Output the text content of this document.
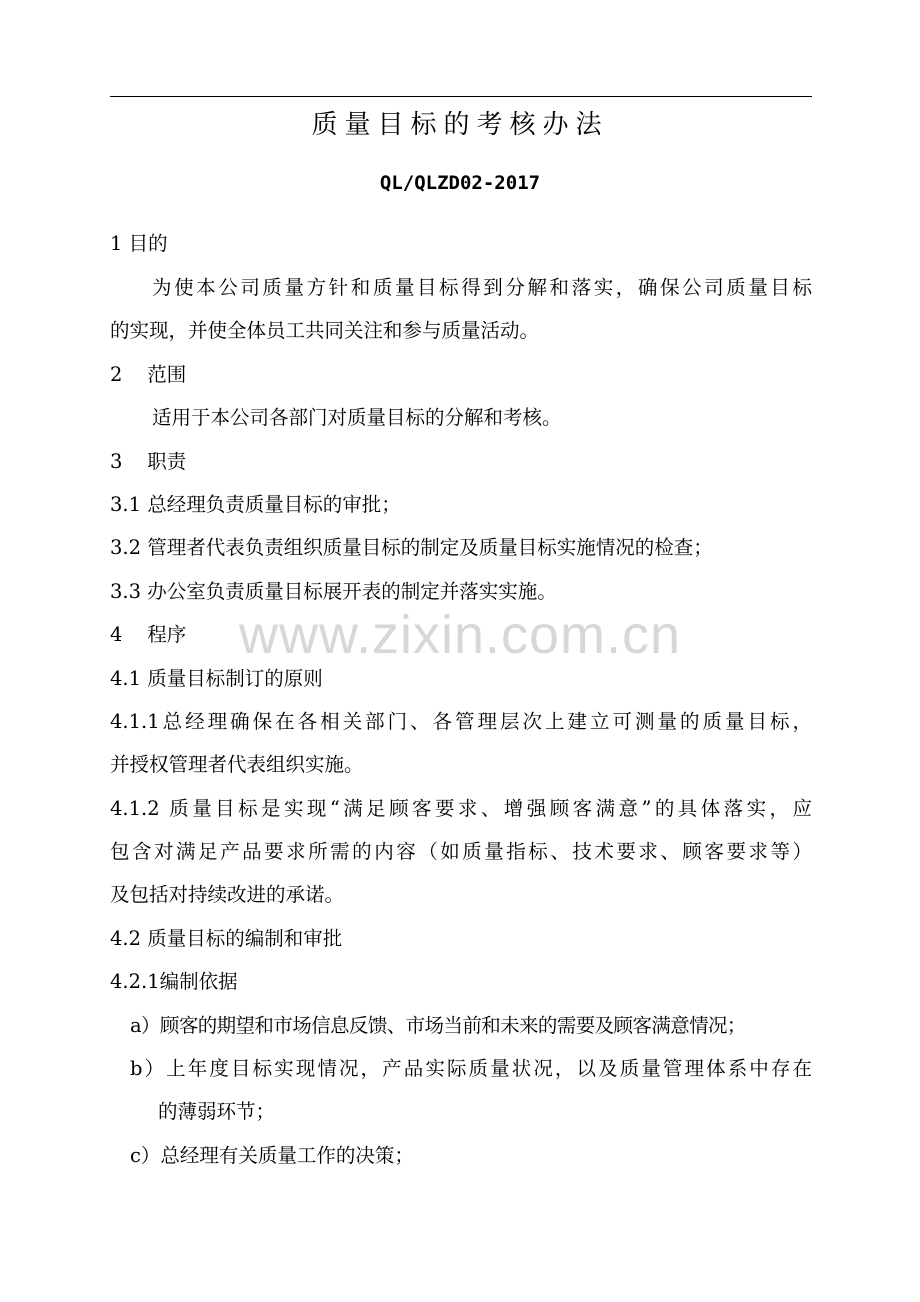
质量目标的考核办法
QL/QLZD02-2017
1 目的
为使本公司质量方针和质量目标得到分解和落实，确保公司质量目标
的实现，并使全体员工共同关注和参与质量活动。
2    范围
适用于本公司各部门对质量目标的分解和考核。
3    职责
3.1 总经理负责质量目标的审批；
3.2 管理者代表负责组织质量目标的制定及质量目标实施情况的检查；
3.3 办公室负责质量目标展开表的制定并落实实施。
4    程序
4.1 质量目标制订的原则
4.1.1总经理确保在各相关部门、各管理层次上建立可测量的质量目标，
并授权管理者代表组织实施。
4.1.2 质量目标是实现“满足顾客要求、增强顾客满意”的具体落实，应
包含对满足产品要求所需的内容（如质量指标、技术要求、顾客要求等）
及包括对持续改进的承诺。
4.2 质量目标的编制和审批
4.2.1编制依据
a）顾客的期望和市场信息反馈、市场当前和未来的需要及顾客满意情况；
b）上年度目标实现情况，产品实际质量状况，以及质量管理体系中存在
的薄弱环节；
c）总经理有关质量工作的决策；
www.zixin.com.cn
